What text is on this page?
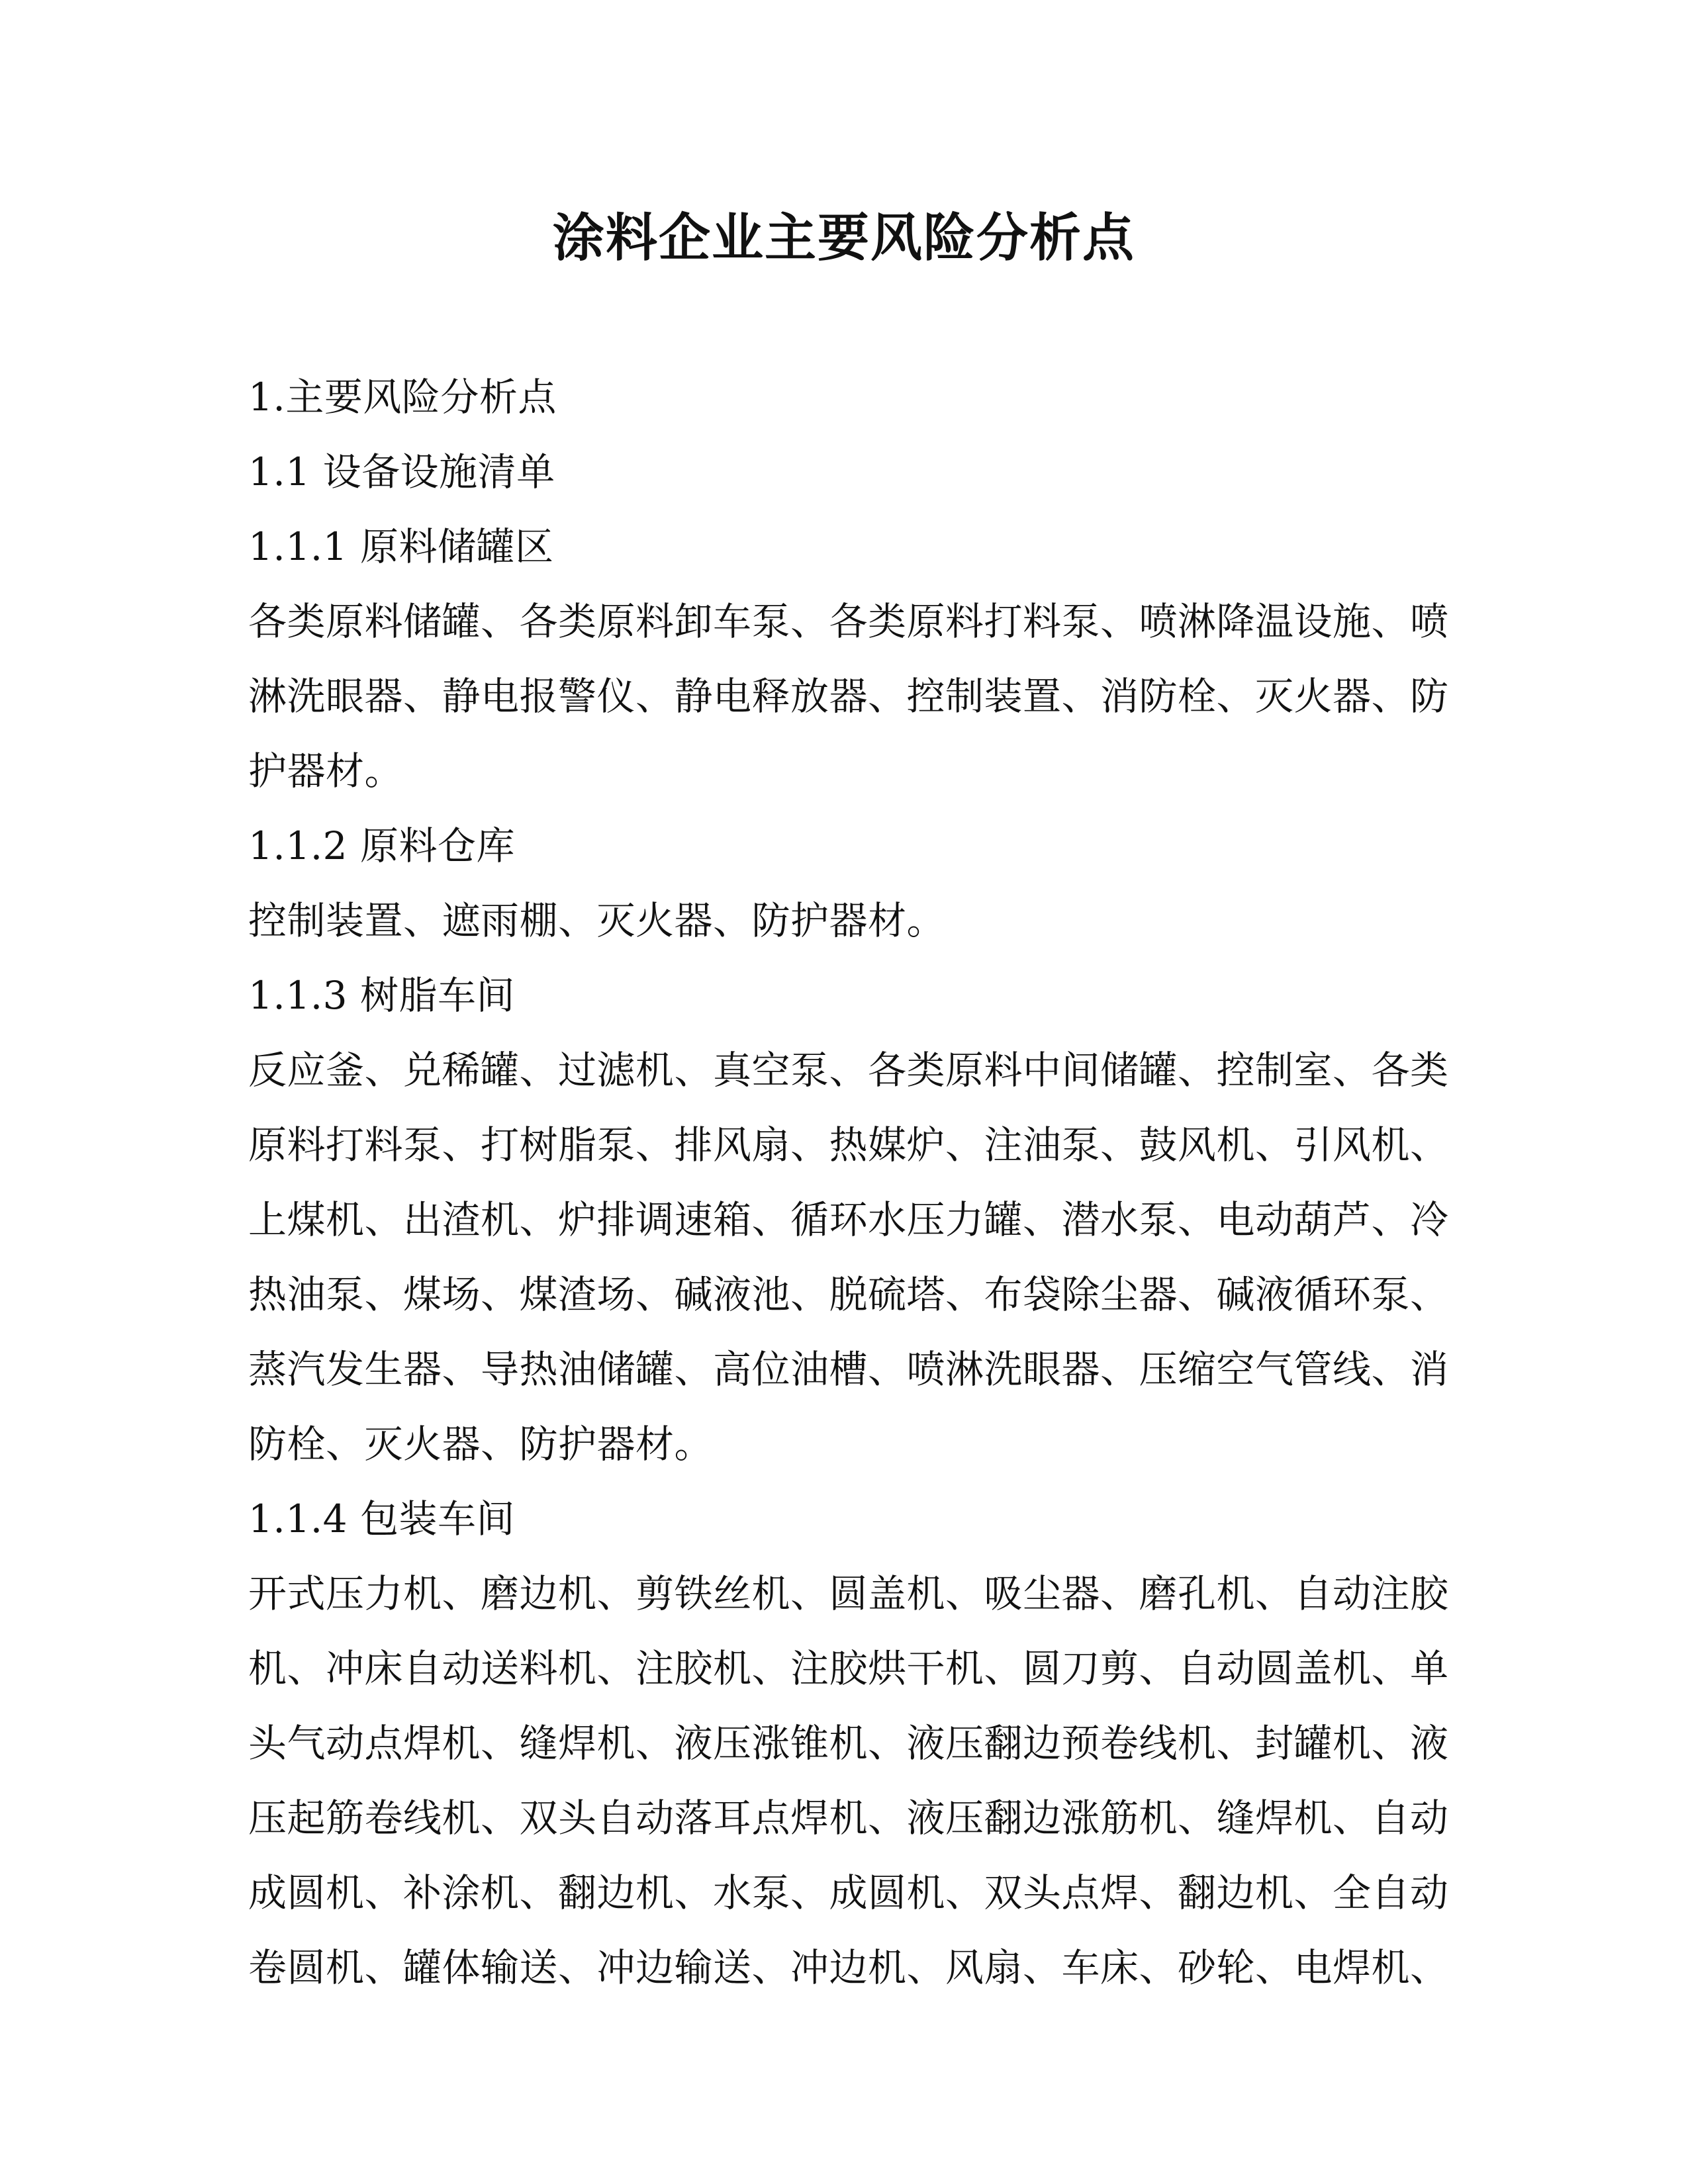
涂料企业主要风险分析点
1.主要风险分析点
1.1 设备设施清单
1.1.1 原料储罐区
各类原料储罐、各类原料卸车泵、各类原料打料泵、喷淋降温设施、喷
淋洗眼器、静电报警仪、静电释放器、控制装置、消防栓、灭火器、防
护器材。
1.1.2 原料仓库
控制装置、遮雨棚、灭火器、防护器材。
1.1.3 树脂车间
反应釜、兑稀罐、过滤机、真空泵、各类原料中间储罐、控制室、各类
原料打料泵、打树脂泵、排风扇、热媒炉、注油泵、鼓风机、引风机、
上煤机、出渣机、炉排调速箱、循环水压力罐、潜水泵、电动葫芦、冷
热油泵、煤场、煤渣场、碱液池、脱硫塔、布袋除尘器、碱液循环泵、
蒸汽发生器、导热油储罐、高位油槽、喷淋洗眼器、压缩空气管线、消
防栓、灭火器、防护器材。
1.1.4 包装车间
开式压力机、磨边机、剪铁丝机、圆盖机、吸尘器、磨孔机、自动注胶
机、冲床自动送料机、注胶机、注胶烘干机、圆刀剪、自动圆盖机、单
头气动点焊机、缝焊机、液压涨锥机、液压翻边预卷线机、封罐机、液
压起筋卷线机、双头自动落耳点焊机、液压翻边涨筋机、缝焊机、自动
成圆机、补涂机、翻边机、水泵、成圆机、双头点焊、翻边机、全自动
卷圆机、罐体输送、冲边输送、冲边机、风扇、车床、砂轮、电焊机、
